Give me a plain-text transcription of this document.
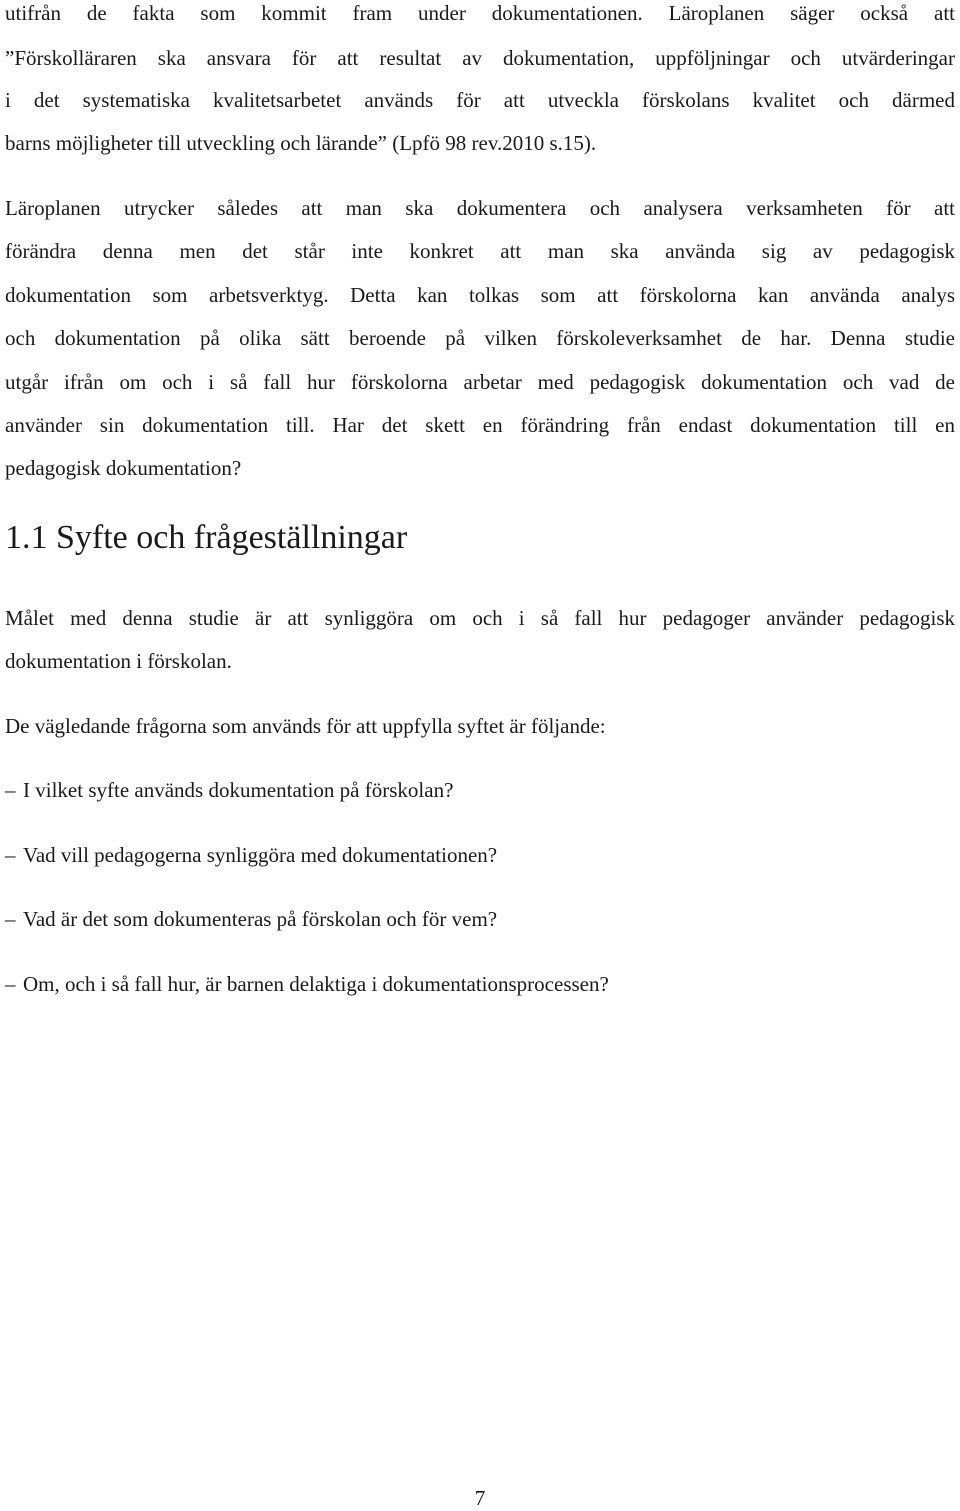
utifrån de fakta som kommit fram under dokumentationen. Läroplanen säger också att
”Förskolläraren ska ansvara för att resultat av dokumentation, uppföljningar och utvärderingar
i det systematiska kvalitetsarbetet används för att utveckla förskolans kvalitet och därmed
barns möjligheter till utveckling och lärande” (Lpfö 98 rev.2010 s.15).
Läroplanen utrycker således att man ska dokumentera och analysera verksamheten för att
förändra denna men det står inte konkret att man ska använda sig av pedagogisk
dokumentation som arbetsverktyg. Detta kan tolkas som att förskolorna kan använda analys
och dokumentation på olika sätt beroende på vilken förskoleverksamhet de har. Denna studie
utgår ifrån om och i så fall hur förskolorna arbetar med pedagogisk dokumentation och vad de
använder sin dokumentation till. Har det skett en förändring från endast dokumentation till en
pedagogisk dokumentation?
1.1 Syfte och frågeställningar
Målet med denna studie är att synliggöra om och i så fall hur pedagoger använder pedagogisk
dokumentation i förskolan.
De vägledande frågorna som används för att uppfylla syftet är följande:
– I vilket syfte används dokumentation på förskolan?
– Vad vill pedagogerna synliggöra med dokumentationen?
– Vad är det som dokumenteras på förskolan och för vem?
– Om, och i så fall hur, är barnen delaktiga i dokumentationsprocessen?
7
